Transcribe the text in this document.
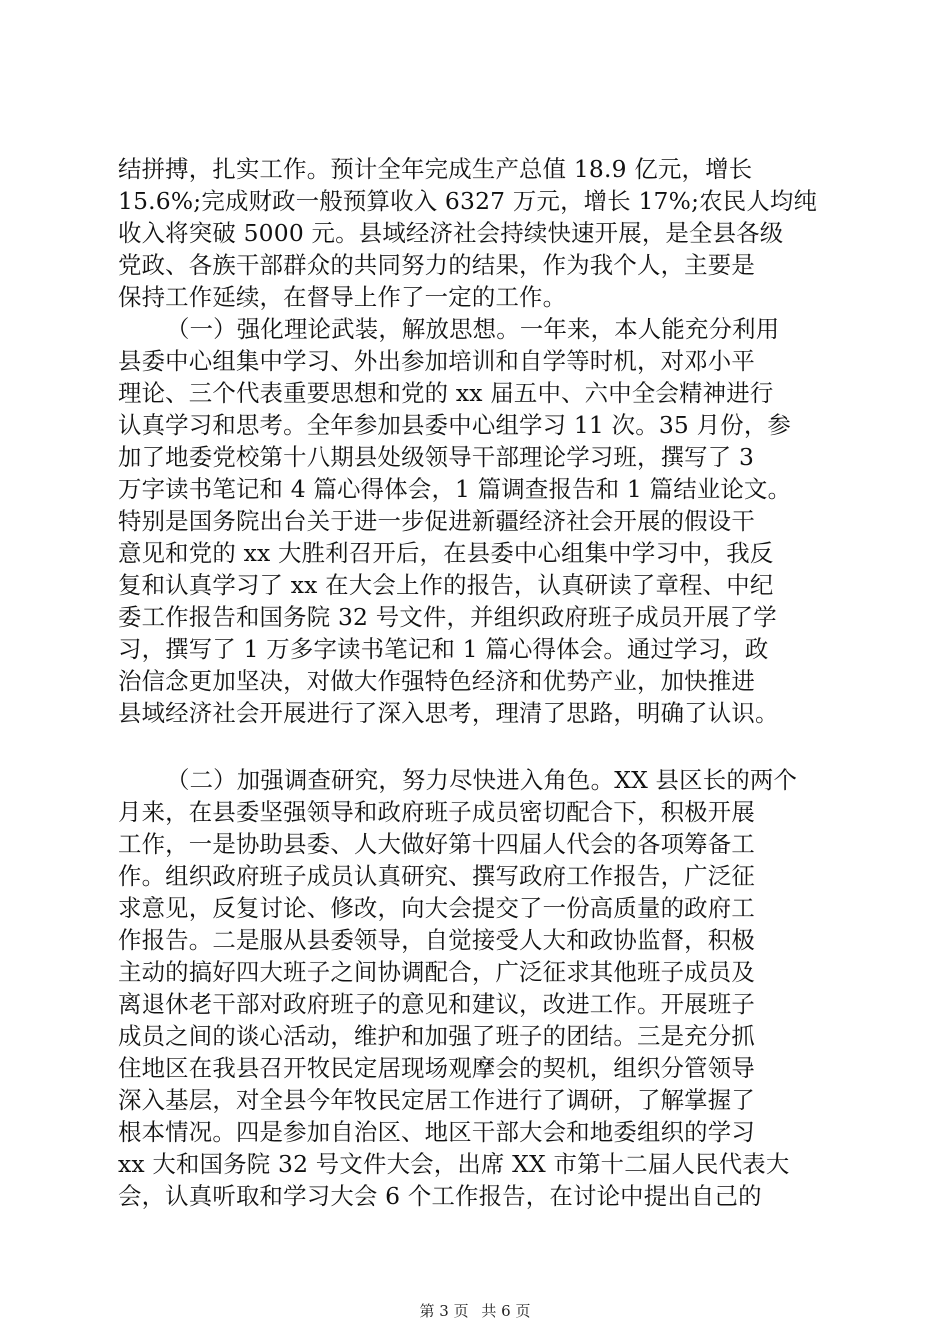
结拼搏，扎实工作。预计全年完成生产总值 18.9 亿元，增长
15.6%;完成财政一般预算收入 6327 万元，增长 17%;农民人均纯
收入将突破 5000 元。县域经济社会持续快速开展，是全县各级
党政、各族干部群众的共同努力的结果，作为我个人，主要是
保持工作延续，在督导上作了一定的工作。
（一）强化理论武装，解放思想。一年来，本人能充分利用
县委中心组集中学习、外出参加培训和自学等时机，对邓小平
理论、三个代表重要思想和党的 xx 届五中、六中全会精神进行
认真学习和思考。全年参加县委中心组学习 11 次。35 月份，参
加了地委党校第十八期县处级领导干部理论学习班，撰写了 3
万字读书笔记和 4 篇心得体会，1 篇调查报告和 1 篇结业论文。
特别是国务院出台关于进一步促进新疆经济社会开展的假设干
意见和党的 xx 大胜利召开后，在县委中心组集中学习中，我反
复和认真学习了 xx 在大会上作的报告，认真研读了章程、中纪
委工作报告和国务院 32 号文件，并组织政府班子成员开展了学
习，撰写了 1 万多字读书笔记和 1 篇心得体会。通过学习，政
治信念更加坚决，对做大作强特色经济和优势产业，加快推进
县域经济社会开展进行了深入思考，理清了思路，明确了认识。
（二）加强调查研究，努力尽快进入角色。XX 县区长的两个
月来，在县委坚强领导和政府班子成员密切配合下，积极开展
工作，一是协助县委、人大做好第十四届人代会的各项筹备工
作。组织政府班子成员认真研究、撰写政府工作报告，广泛征
求意见，反复讨论、修改，向大会提交了一份高质量的政府工
作报告。二是服从县委领导，自觉接受人大和政协监督，积极
主动的搞好四大班子之间协调配合，广泛征求其他班子成员及
离退休老干部对政府班子的意见和建议，改进工作。开展班子
成员之间的谈心活动，维护和加强了班子的团结。三是充分抓
住地区在我县召开牧民定居现场观摩会的契机，组织分管领导
深入基层，对全县今年牧民定居工作进行了调研，了解掌握了
根本情况。四是参加自治区、地区干部大会和地委组织的学习
xx 大和国务院 32 号文件大会，出席 XX 市第十二届人民代表大
会，认真听取和学习大会 6 个工作报告，在讨论中提出自己的
第 3 页 共 6 页
